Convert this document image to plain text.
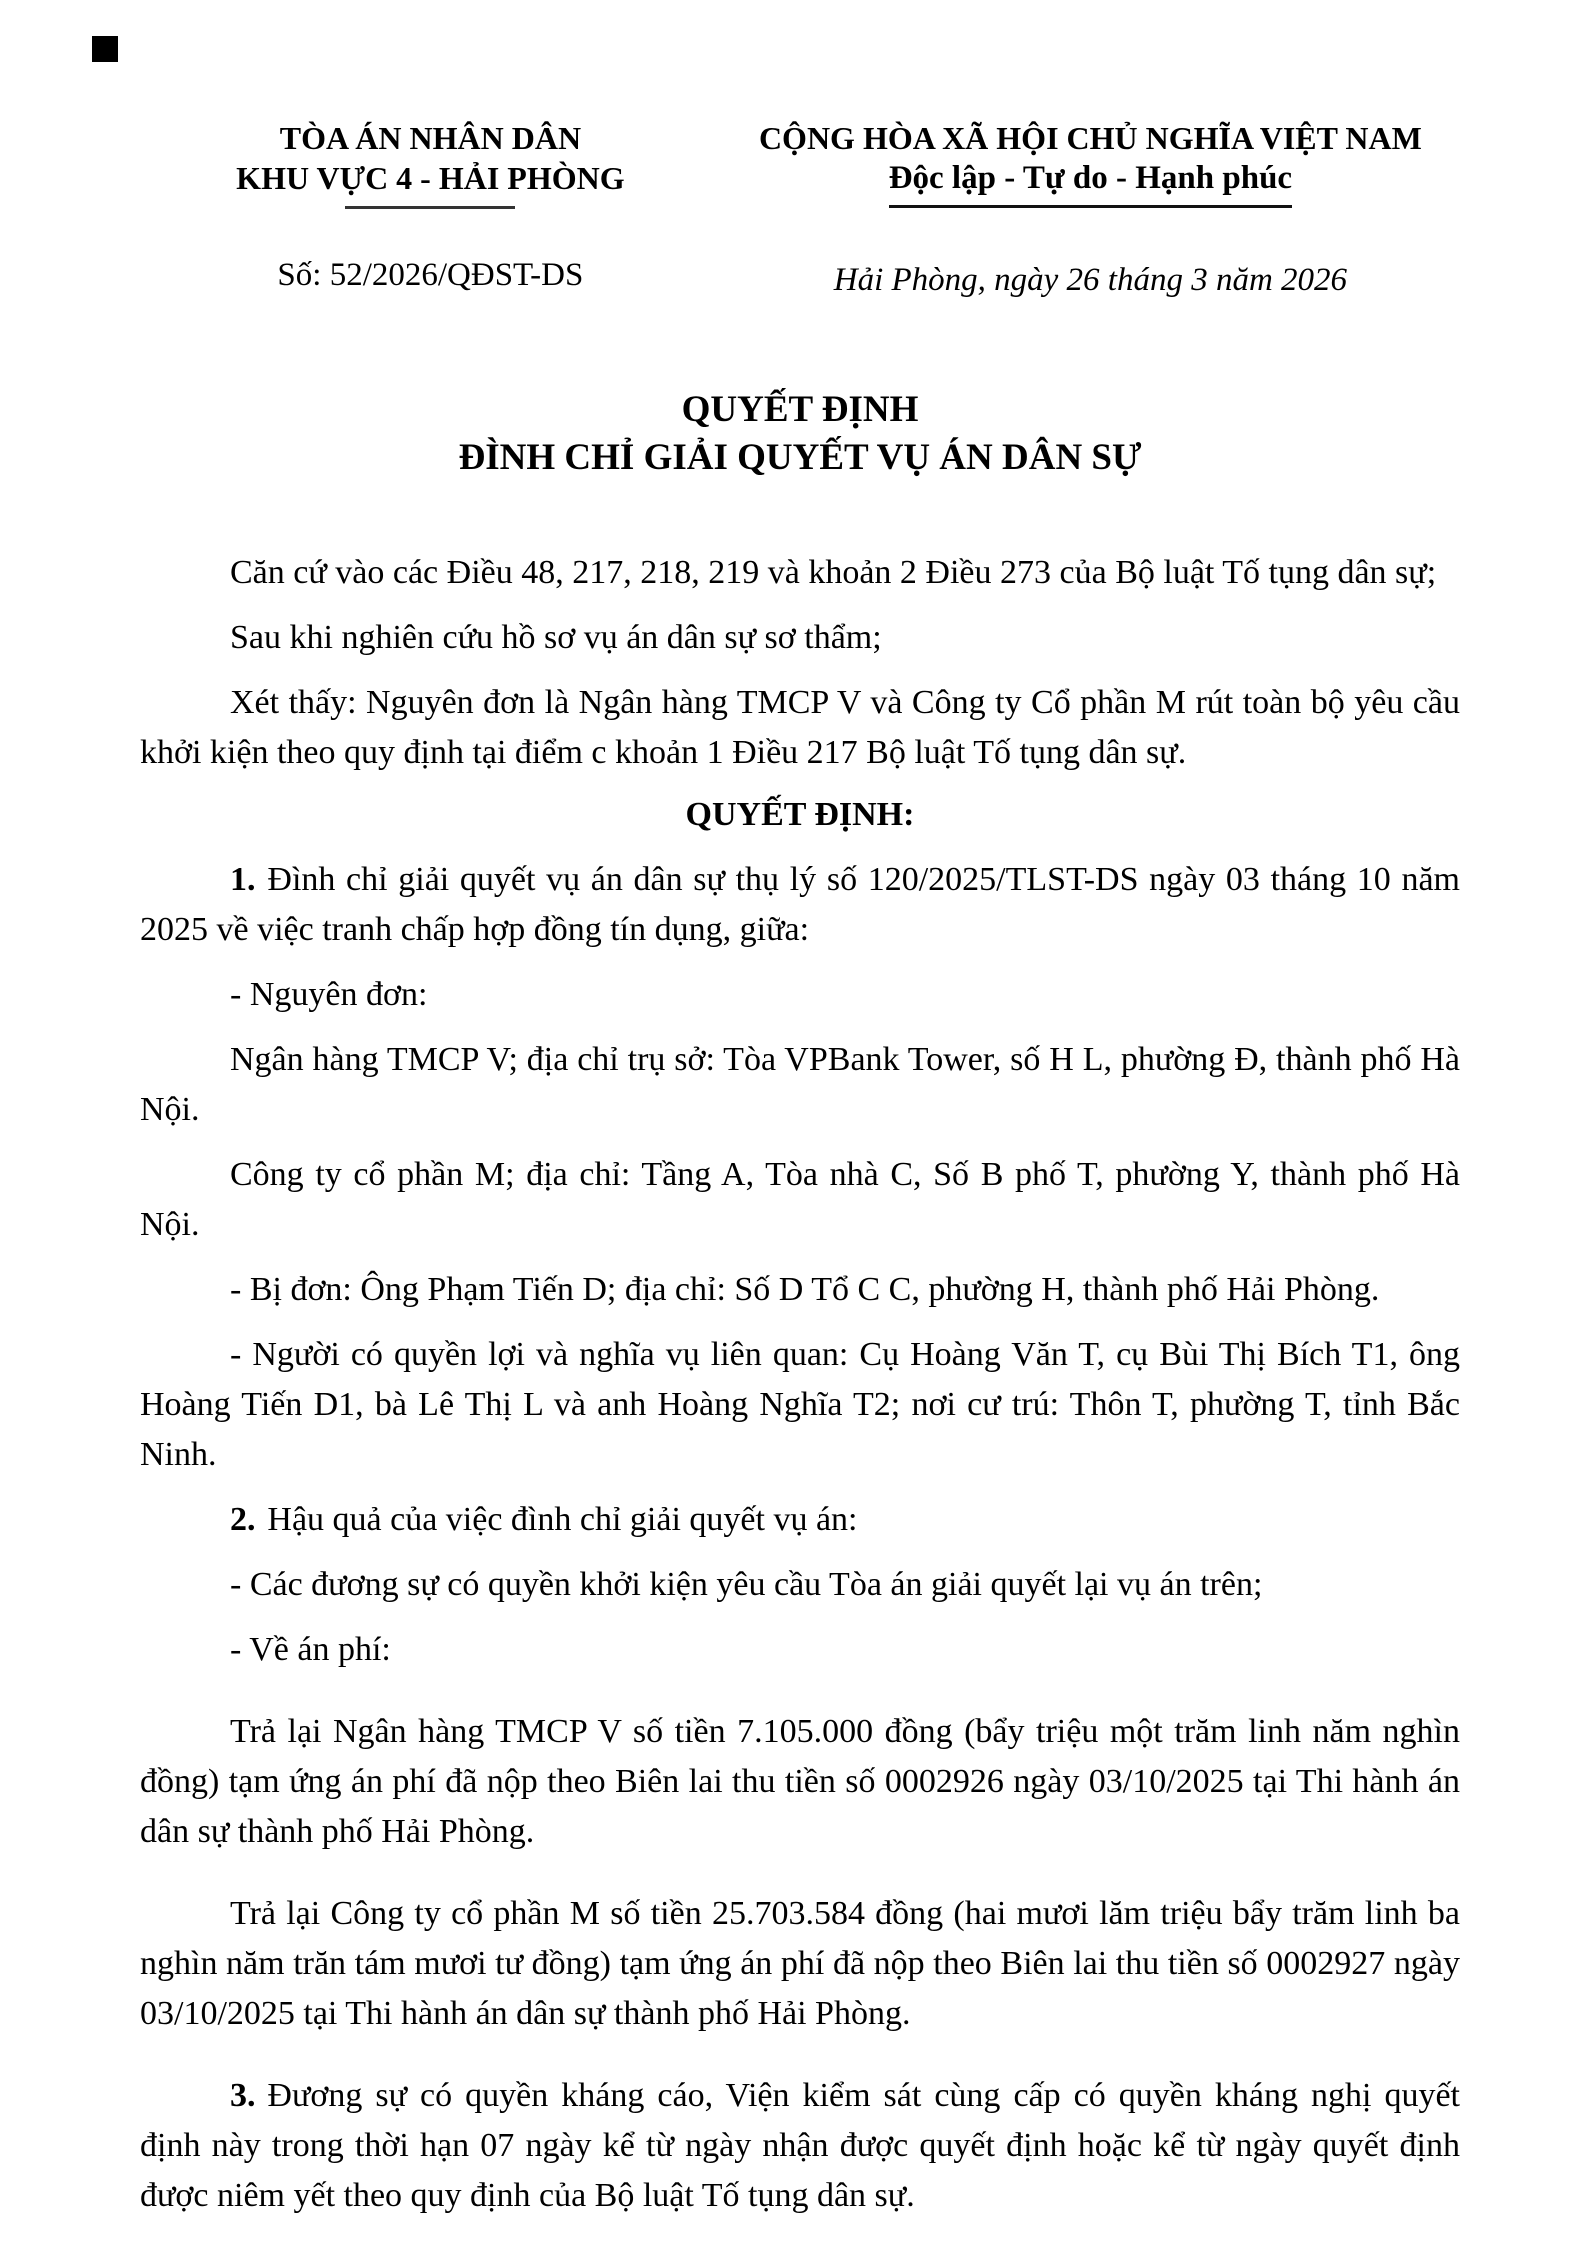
TÒA ÁN NHÂN DÂN
KHU VỰC 4 - HẢI PHÒNG
Số: 52/2026/QĐST-DS
CỘNG HÒA XÃ HỘI CHỦ NGHĨA VIỆT NAM
Độc lập - Tự do - Hạnh phúc
Hải Phòng, ngày 26 tháng 3 năm 2026
QUYẾT ĐỊNH
ĐÌNH CHỈ GIẢI QUYẾT VỤ ÁN DÂN SỰ

Căn cứ vào các Điều 48, 217, 218, 219 và khoản 2 Điều 273 của Bộ luật Tố tụng dân sự;

Sau khi nghiên cứu hồ sơ vụ án dân sự sơ thẩm;

Xét thấy: Nguyên đơn là Ngân hàng TMCP V và Công ty Cổ phần M rút toàn bộ yêu cầu khởi kiện theo quy định tại điểm c khoản 1 Điều 217 Bộ luật Tố tụng dân sự.

QUYẾT ĐỊNH:

1. Đình chỉ giải quyết vụ án dân sự thụ lý số 120/2025/TLST-DS ngày 03 tháng 10 năm 2025 về việc tranh chấp hợp đồng tín dụng, giữa:

- Nguyên đơn:

Ngân hàng TMCP V; địa chỉ trụ sở: Tòa VPBank Tower, số H L, phường Đ, thành phố Hà Nội.

Công ty cổ phần M; địa chỉ: Tầng A, Tòa nhà C, Số B phố T, phường Y, thành phố Hà Nội.

- Bị đơn: Ông Phạm Tiến D; địa chỉ: Số D Tổ C C, phường H, thành phố Hải Phòng.

- Người có quyền lợi và nghĩa vụ liên quan: Cụ Hoàng Văn T, cụ Bùi Thị Bích T1, ông Hoàng Tiến D1, bà Lê Thị L và anh Hoàng Nghĩa T2; nơi cư trú: Thôn T, phường T, tỉnh Bắc Ninh.

2. Hậu quả của việc đình chỉ giải quyết vụ án:

- Các đương sự có quyền khởi kiện yêu cầu Tòa án giải quyết lại vụ án trên;

- Về án phí:

Trả lại Ngân hàng TMCP V số tiền 7.105.000 đồng (bẩy triệu một trăm linh năm nghìn đồng) tạm ứng án phí đã nộp theo Biên lai thu tiền số 0002926 ngày 03/10/2025 tại Thi hành án dân sự thành phố Hải Phòng.

Trả lại Công ty cổ phần M số tiền 25.703.584 đồng (hai mươi lăm triệu bẩy trăm linh ba nghìn năm trăn tám mươi tư đồng) tạm ứng án phí đã nộp theo Biên lai thu tiền số 0002927 ngày 03/10/2025 tại Thi hành án dân sự thành phố Hải Phòng.

3. Đương sự có quyền kháng cáo, Viện kiểm sát cùng cấp có quyền kháng nghị quyết định này trong thời hạn 07 ngày kể từ ngày nhận được quyết định hoặc kể từ ngày quyết định được niêm yết theo quy định của Bộ luật Tố tụng dân sự.
